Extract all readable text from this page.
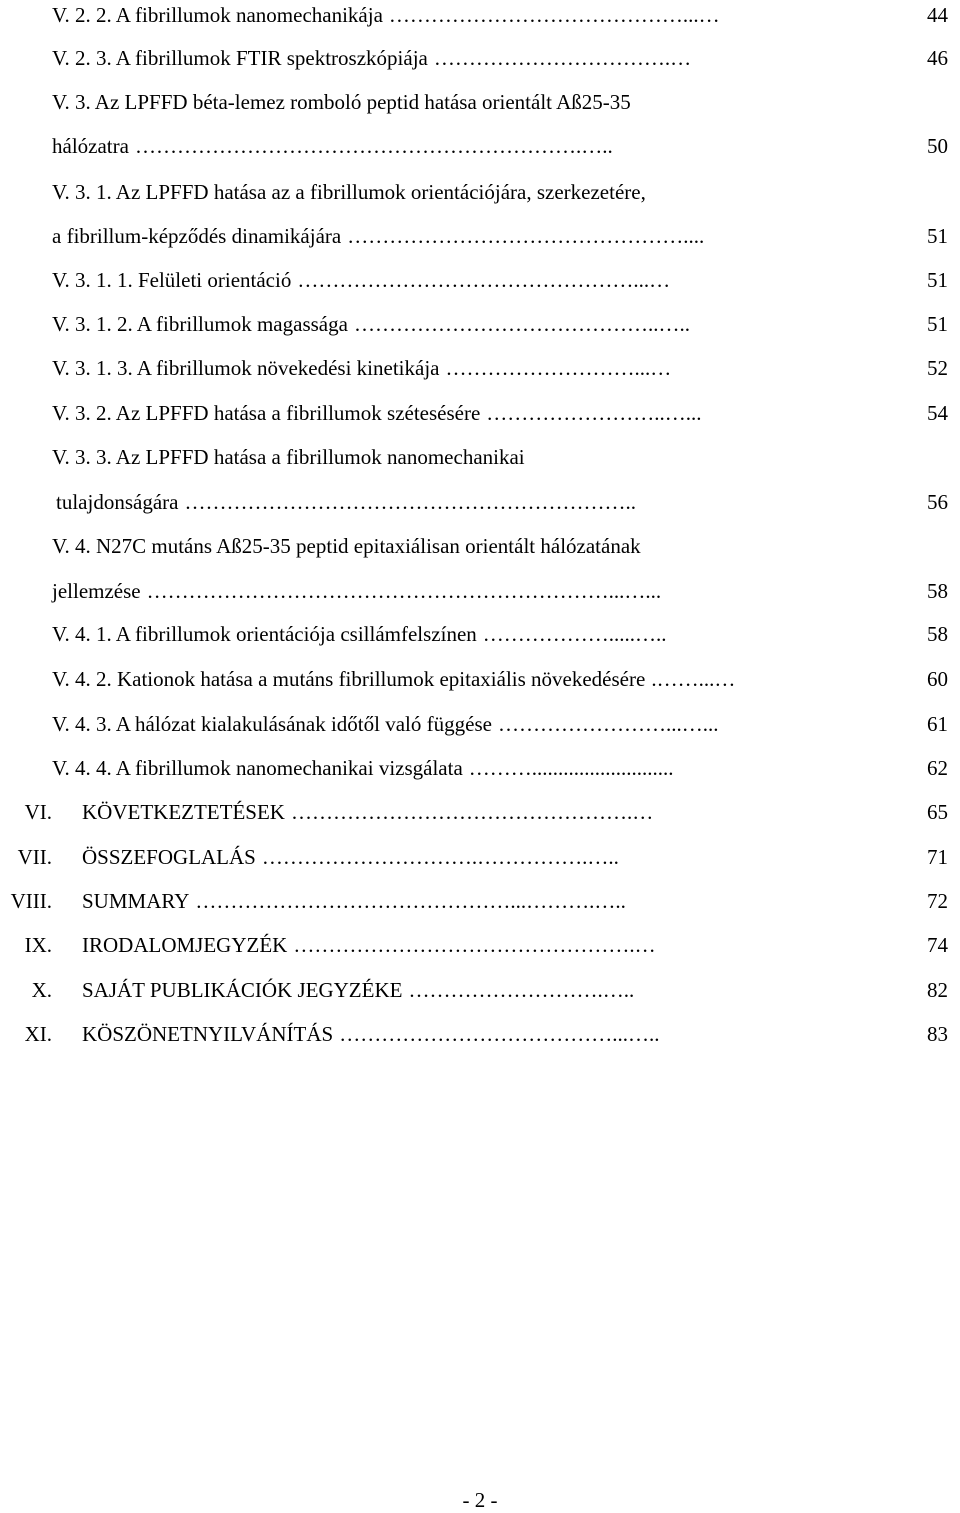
V. 2. 2. A fibrillumok nanomechanikája ……………………………………...…	44
V. 2. 3. A fibrillumok FTIR spektroszkópiája …………………………….…	46
V. 3. Az LPFFD béta-lemez romboló peptid hatása orientált Aß25-35
hálózatra ……………………………………………………….…..	50
V. 3. 1. Az LPFFD hatása az a fibrillumok orientációjára, szerkezetére,
a fibrillum-képződés dinamikájára …………………………………………....	51
V. 3. 1. 1. Felületi orientáció …………………………………………...…	51
V. 3. 1. 2. A fibrillumok magassága ……………………………………..…..	51
V. 3. 1. 3. A fibrillumok növekedési kinetikája ………………………...…	52
V. 3. 2. Az LPFFD hatása a fibrillumok szétesésére ……………………..…...	54
V. 3. 3. Az LPFFD hatása a fibrillumok nanomechanikai
tulajdonságára ………………………………………………………..	56
V. 4. N27C mutáns Aß25-35 peptid epitaxiálisan orientált hálózatának
jellemzése …………………………………………………………...…...	58
V. 4. 1. A fibrillumok orientációja csillámfelszínen ……………….....…..	58
V. 4. 2. Kationok hatása a mutáns fibrillumok epitaxiális növekedésére .……...…	60
V. 4. 3. A hálózat kialakulásának időtől való függése ……………………...…...	61
V. 4. 4. A fibrillumok nanomechanikai vizsgálata ………...........................	62
VI. KÖVETKEZTETÉSEK ………………………………………….…	65
VII. ÖSSZEFOGLALÁS ………………………….…………….…..	71
VIII. SUMMARY ………………………………………...……….…..	72
IX. IRODALOMJEGYZÉK ………………………………………….…	74
X. SAJÁT PUBLIKÁCIÓK JEGYZÉKE ……………………….…..	82
XI. KÖSZÖNETNYILVÁNÍTÁS …………………………………...…..	83
- 2 -
